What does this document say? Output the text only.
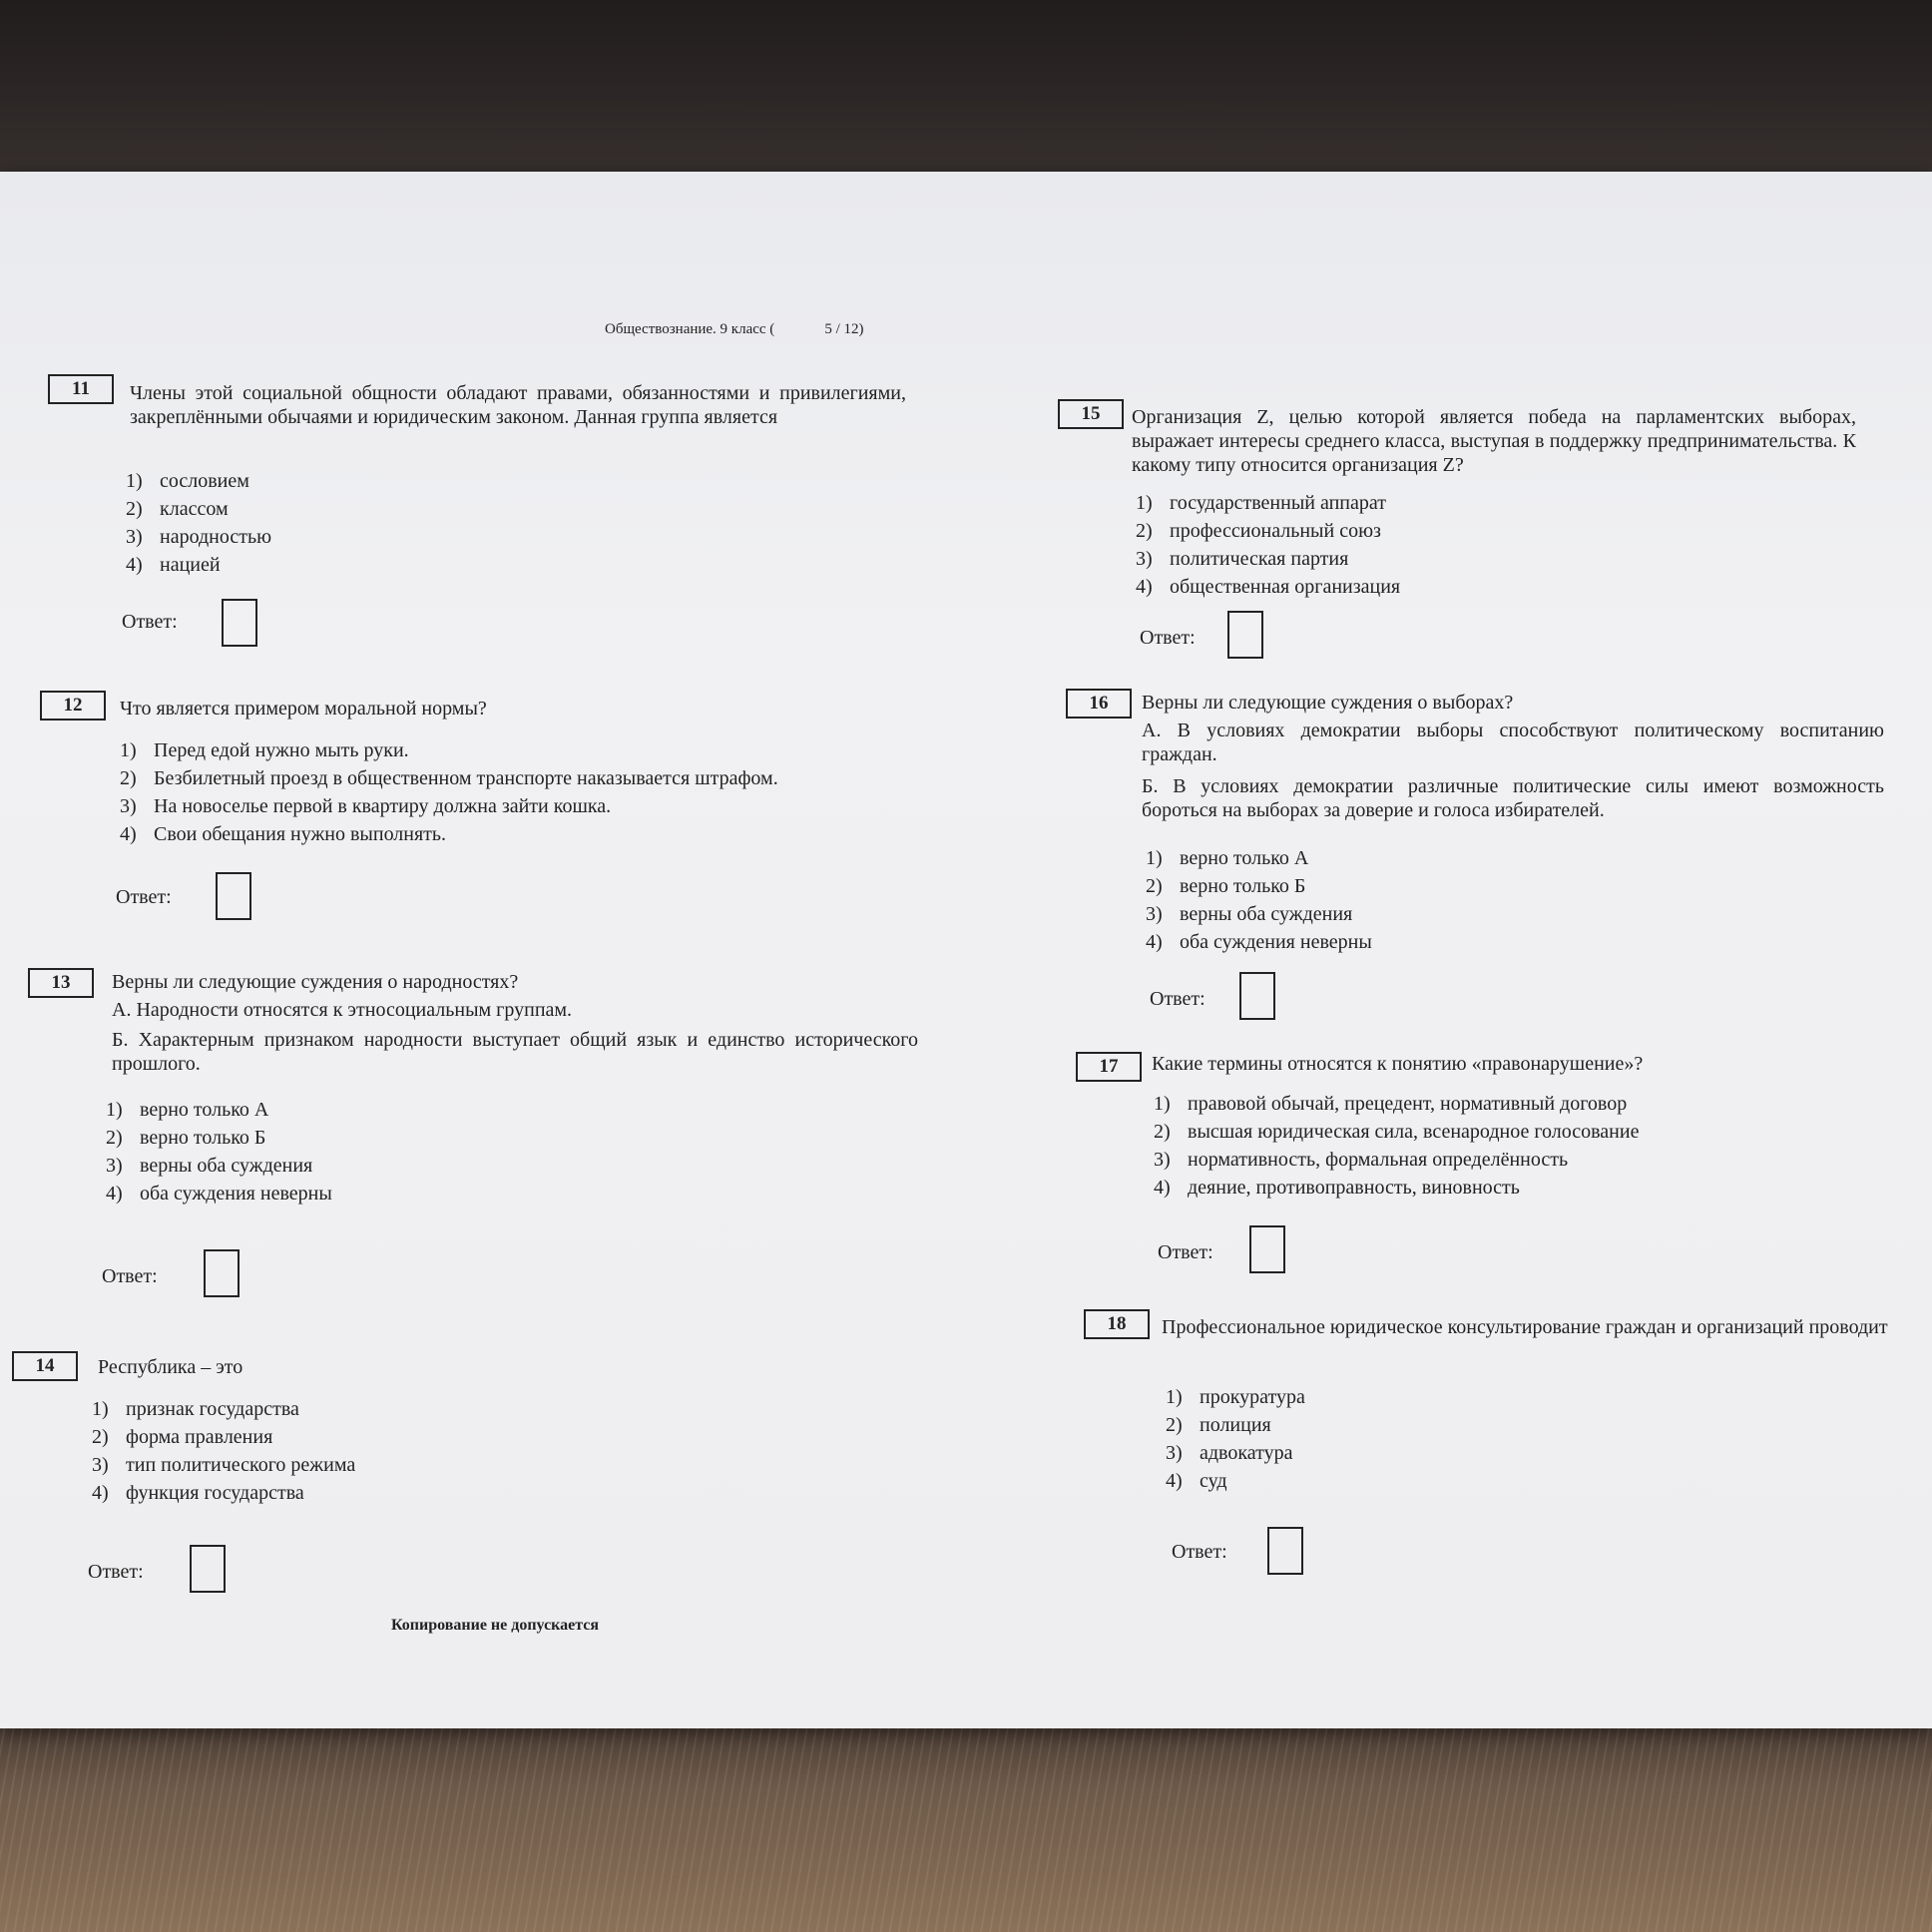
Обществознание. 9 класс (	5 / 12)
11	Члены этой социальной общности обладают правами, обязанностями и привилегиями, закреплёнными обычаями и юридическим законом. Данная группа является
1) сословием
2) классом
3) народностью
4) нацией
Ответ:
12	Что является примером моральной нормы?
1) Перед едой нужно мыть руки.
2) Безбилетный проезд в общественном транспорте наказывается штрафом.
3) На новоселье первой в квартиру должна зайти кошка.
4) Свои обещания нужно выполнять.
Ответ:
13	Верны ли следующие суждения о народностях?
А. Народности относятся к этносоциальным группам.
Б. Характерным признаком народности выступает общий язык и единство исторического прошлого.
1) верно только А
2) верно только Б
3) верны оба суждения
4) оба суждения неверны
Ответ:
14	Республика – это
1) признак государства
2) форма правления
3) тип политического режима
4) функция государства
Ответ:
15	Организация Z, целью которой является победа на парламентских выборах, выражает интересы среднего класса, выступая в поддержку предпринимательства. К какому типу относится организация Z?
1) государственный аппарат
2) профессиональный союз
3) политическая партия
4) общественная организация
Ответ:
16	Верны ли следующие суждения о выборах?
А. В условиях демократии выборы способствуют политическому воспитанию граждан.
Б. В условиях демократии различные политические силы имеют возможность бороться на выборах за доверие и голоса избирателей.
1) верно только А
2) верно только Б
3) верны оба суждения
4) оба суждения неверны
Ответ:
17	Какие термины относятся к понятию «правонарушение»?
1) правовой обычай, прецедент, нормативный договор
2) высшая юридическая сила, всенародное голосование
3) нормативность, формальная определённость
4) деяние, противоправность, виновность
Ответ:
18	Профессиональное юридическое консультирование граждан и организаций проводит
1) прокуратура
2) полиция
3) адвокатура
4) суд
Ответ:
Копирование не допускается
